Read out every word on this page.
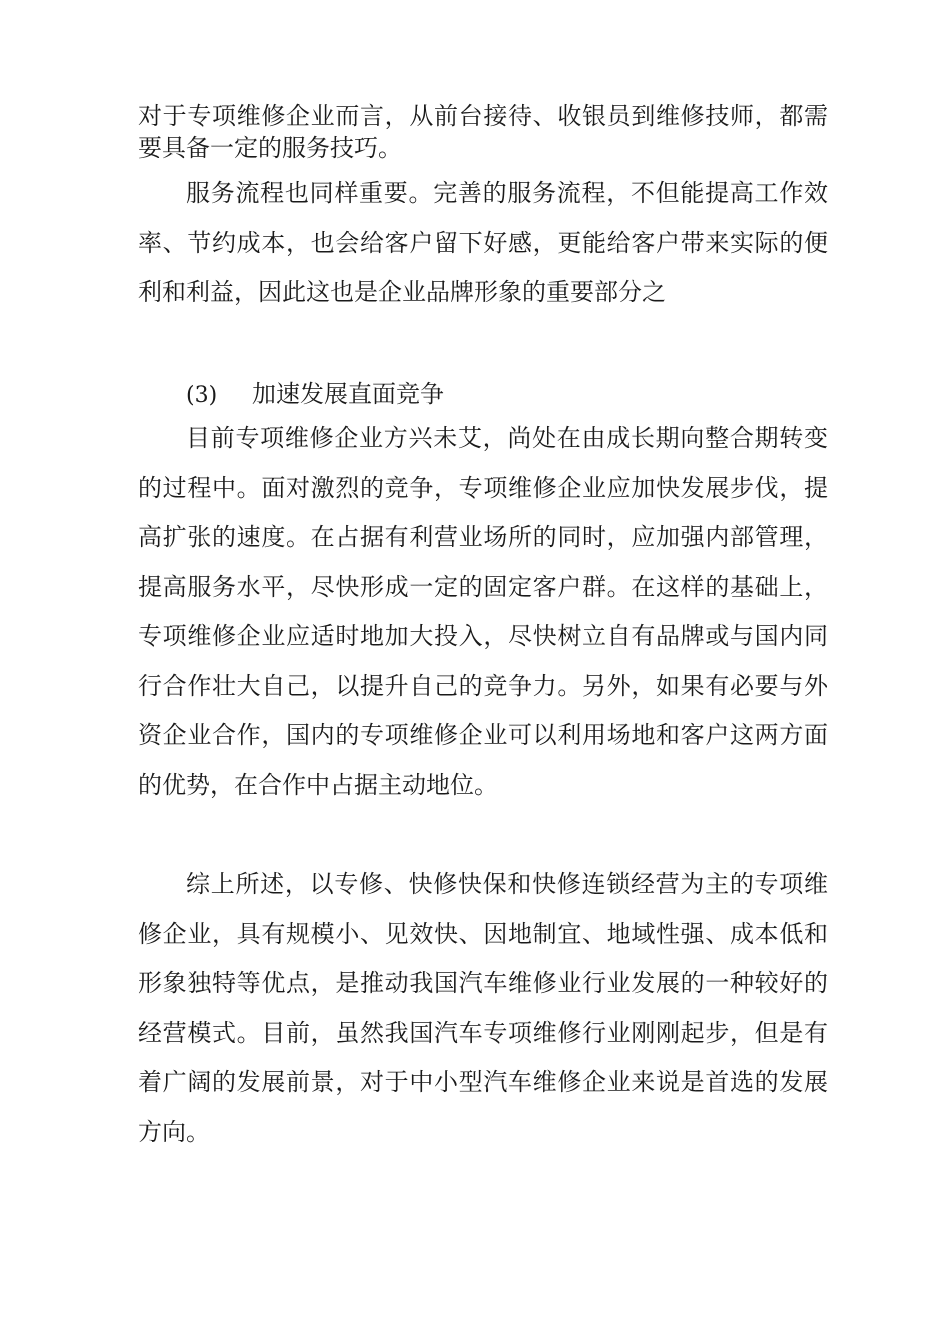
对于专项维修企业而言，从前台接待、收银员到维修技师，都需要具备一定的服务技巧。

服务流程也同样重要。完善的服务流程，不但能提高工作效率、节约成本，也会给客户留下好感，更能给客户带来实际的便利和利益，因此这也是企业品牌形象的重要部分之

(3) 加速发展直面竞争

目前专项维修企业方兴未艾，尚处在由成长期向整合期转变的过程中。面对激烈的竞争，专项维修企业应加快发展步伐，提高扩张的速度。在占据有利营业场所的同时，应加强内部管理，提高服务水平，尽快形成一定的固定客户群。在这样的基础上，专项维修企业应适时地加大投入，尽快树立自有品牌或与国内同行合作壮大自己，以提升自己的竞争力。另外，如果有必要与外资企业合作，国内的专项维修企业可以利用场地和客户这两方面的优势，在合作中占据主动地位。

综上所述，以专修、快修快保和快修连锁经营为主的专项维修企业，具有规模小、见效快、因地制宜、地域性强、成本低和形象独特等优点，是推动我国汽车维修业行业发展的一种较好的经营模式。目前，虽然我国汽车专项维修行业刚刚起步，但是有着广阔的发展前景，对于中小型汽车维修企业来说是首选的发展方向。
